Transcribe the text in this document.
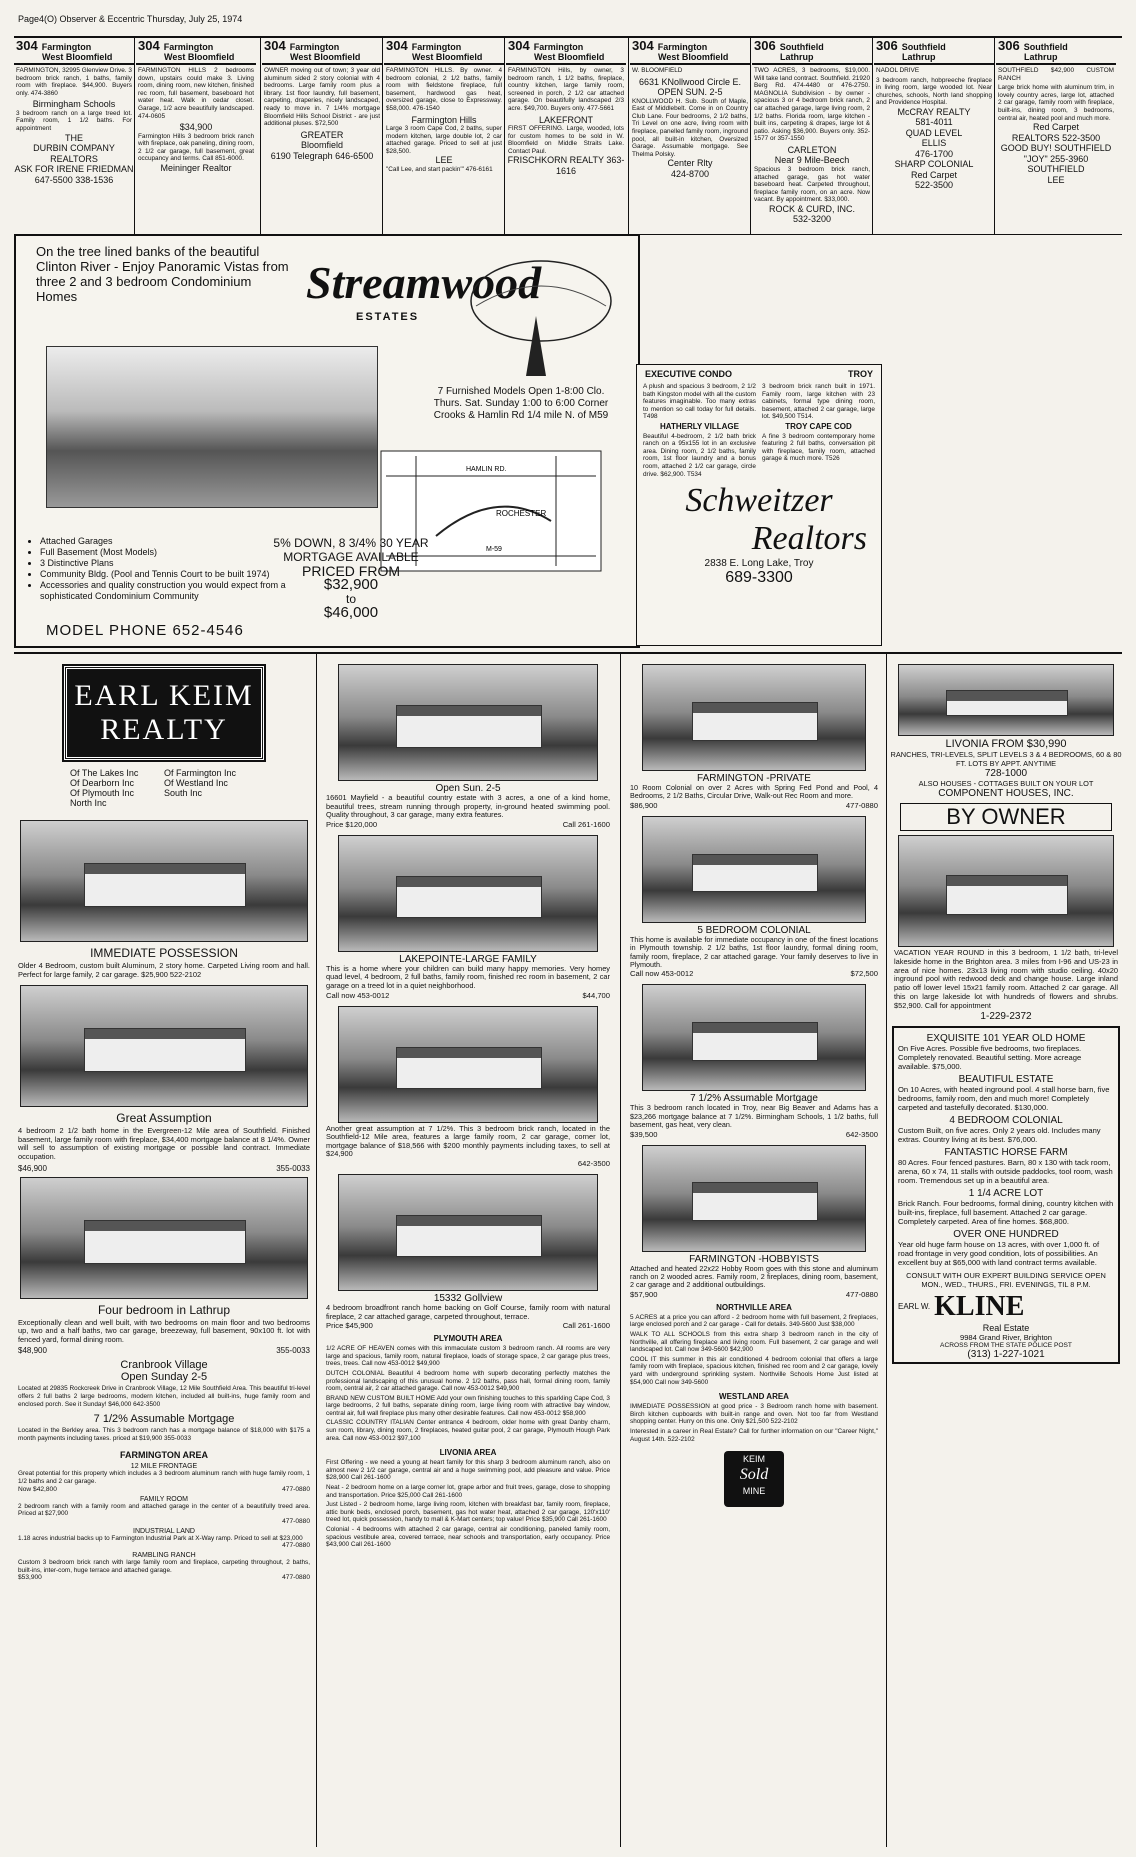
Page4(O) Observer & Eccentric Thursday, July 25, 1974
304 Farmington
West Bloomfield
FARMINGTON, 32995 Glenview Drive. 3 bedroom brick ranch, 1 baths, family room with fireplace. $44,900. Buyers only. 474-3860
Birmingham Schools
3 bedroom ranch on a large treed lot. Family room, 1 1/2 baths. For appointment
THE
DURBIN COMPANY
REALTORS
ASK FOR IRENE FRIEDMAN
647-5500 338-1536
304 Farmington
West Bloomfield
FARMINGTON HILLS 2 bedrooms down, upstairs could make 3. Living room, dining room, new kitchen, finished rec room, full basement, baseboard hot water heat. Walk in cedar closet. Garage, 1/2 acre beautifully landscaped. 474-0605
$34,900
Farmington Hills 3 bedroom brick ranch with fireplace, oak paneling, dining room, 2 1/2 car garage, full basement, great occupancy and terms. Call 851-6000.
Meininger Realtor
304 Farmington
West Bloomfield
OWNER moving out of town; 3 year old aluminum sided 2 story colonial with 4 bedrooms. Large family room plus a library. 1st floor laundry, full basement, carpeting, draperies, nicely landscaped, ready to move in. 7 1/4% mortgage Bloomfield Hills School District - are just additional pluses. $72,500
GREATER
Bloomfield
6190 Telegraph 646-6500
304 Farmington
West Bloomfield
FARMINGTON HILLS. By owner. 4 bedroom colonial, 2 1/2 baths, family room with fieldstone fireplace, full basement, hardwood gas heat, oversized garage, close to Expressway. $58,000. 476-1540
Farmington Hills
Large 3 room Cape Cod, 2 baths, super modern kitchen, large double lot, 2 car attached garage. Priced to sell at just $28,500.
LEE
"Call Lee, and start packin'" 476-6161
304 Farmington
West Bloomfield
FARMINGTON Hills, by owner, 3 bedroom ranch, 1 1/2 baths, fireplace, country kitchen, large family room, screened in porch, 2 1/2 car attached garage. On beautifully landscaped 2/3 acre. $49,700. Buyers only. 477-5661
LAKEFRONT
FIRST OFFERING. Large, wooded, lots for custom homes to be sold in W. Bloomfield on Middle Straits Lake. Contact Paul.
FRISCHKORN REALTY 363-1616
304 Farmington
West Bloomfield
W. BLOOMFIELD
6631 KNollwood Circle E. OPEN SUN. 2-5
KNOLLWOOD H. Sub. South of Maple, East of Middlebelt. Come in on Country Club Lane. Four bedrooms, 2 1/2 baths, Tri Level on one acre, living room with fireplace, panelled family room, inground pool, all built-in kitchen, Oversized Garage. Assumable mortgage. See Thelma Polsky.
Center Rlty
424-8700
306 Southfield
Lathrup
TWO ACRES, 3 bedrooms, $19,000. Will take land contract. Southfield. 21920 Berg Rd. 474-4480 or 476-2750. MAGNOLIA Subdivision - by owner - spacious 3 or 4 bedroom brick ranch, 2 car attached garage, large living room, 2 1/2 baths. Florida room, large kitchen - built ins, carpeting & drapes, large lot & patio. Asking $36,900. Buyers only. 352-1577 or 357-1550
CARLETON
Near 9 Mile-Beech
Spacious 3 bedroom brick ranch, attached garage, gas hot water baseboard heat. Carpeted throughout, fireplace family room, on an acre. Now vacant. By appointment. $33,000.
ROCK & CURD, INC.
532-3200
306 Southfield
Lathrup
NADOL DRIVE
3 bedroom ranch, hobpreeche fireplace in living room, large wooded lot. Near churches, schools, North land shopping and Providence Hospital.
McCRAY REALTY
581-4011
QUAD LEVEL
ELLIS
476-1700
SHARP COLONIAL
Red Carpet
522-3500
306 Southfield
Lathrup
SOUTHFIELD $42,900 CUSTOM RANCH
Large brick home with aluminum trim, in lovely country acres, large lot, attached 2 car garage, family room with fireplace, built-ins, dining room, 3 bedrooms, central air, heated pool and much more.
Red Carpet
REALTORS 522-3500
GOOD BUY! SOUTHFIELD
"JOY" 255-3960
SOUTHFIELD
LEE
On the tree lined banks of the beautiful Clinton River - Enjoy Panoramic Vistas from three 2 and 3 bedroom Condominium Homes	Streamwood
ESTATES
7 Furnished Models Open 1-8:00 Clo. Thurs. Sat. Sunday 1:00 to 6:00 Corner Crooks & Hamlin Rd 1/4 mile N. of M59
HAMLIN RD.
ROCHESTER
M-59
• Attached Garages
• Full Basement (Most Models)
• 3 Distinctive Plans
• Community Bldg. (Pool and Tennis Court to be built 1974)
• Accessories and quality construction you would expect from a sophisticated Condominium Community
5% DOWN, 8 3/4% 30 YEAR MORTGAGE AVAILABLE
PRICED FROM
$32,900
to
$46,000
MODEL PHONE 652-4546
EXECUTIVE CONDO	TROY
A plush and spacious 3 bedroom, 2 1/2 bath Kingston model with all the custom features imaginable. Too many extras to mention so call today for full details. T498
HATHERLY VILLAGE
Beautiful 4-bedroom, 2 1/2 bath brick ranch on a 95x155 lot in an exclusive area. Dining room, 2 1/2 baths, family room, 1st floor laundry and a bonus room, attached 2 1/2 car garage, circle drive. $62,900. T534
3 bedroom brick ranch built in 1971. Family room, large kitchen with 23 cabinets, formal type dining room, basement, attached 2 car garage, large lot. $49,500 T514.
TROY CAPE COD
A fine 3 bedroom contemporary home featuring 2 full baths, conversation pit with fireplace, family room, attached garage & much more. T526
Schweitzer
Realtors
2838 E. Long Lake, Troy
689-3300
EARL KEIM
REALTY
Of The Lakes Inc	Of Farmington Inc
Of Dearborn Inc	Of Westland Inc
Of Plymouth Inc	South Inc
North Inc
IMMEDIATE POSSESSION
Older 4 Bedroom, custom built Aluminum, 2 story home. Carpeted Living room and hall. Perfect for large family, 2 car garage. $25,900 522-2102
Great Assumption
4 bedroom 2 1/2 bath home in the Evergreen-12 Mile area of Southfield. Finished basement, large family room with fireplace, $34,400 mortgage balance at 8 1/4%. Owner will sell to assumption of existing mortgage or possible land contract. Immediate occupation.
$46,900	355-0033
Four bedroom in Lathrup
Exceptionally clean and well built, with two bedrooms on main floor and two bedrooms up, two and a half baths, two car garage, breezeway, full basement, 90x100 ft. lot with fenced yard, formal dining room.
$48,900	355-0033
Cranbrook Village
Open Sunday 2-5
Located at 29835 Rockcreek Drive in Cranbrook Village, 12 Mile Southfield Area. This beautiful tri-level offers 2 full baths 2 large bedrooms, modern kitchen, included all built-ins, huge family room and enclosed porch. See it Sunday! $46,000 642-3500
7 1/2% Assumable Mortgage
Located in the Berkley area. This 3 bedroom ranch has a mortgage balance of $18,000 with $175 a month payments including taxes. priced at $19,900 355-0033
FARMINGTON AREA
12 MILE FRONTAGE
Great potential for this property which includes a 3 bedroom aluminum ranch with huge family room, 1 1/2 baths and 2 car garage.
Now $42,800	477-0880
FAMILY ROOM
2 bedroom ranch with a family room and attached garage in the center of a beautifully treed area. Priced at $27,900
477-0880
INDUSTRIAL LAND
1.18 acres industrial backs up to Farmington Industrial Park at X-Way ramp. Priced to sell at $23,000
477-0880
RAMBLING RANCH
Custom 3 bedroom brick ranch with large family room and fireplace, carpeting throughout, 2 baths, built-ins, inter-com, huge terrace and attached garage.
$53,900	477-0880
Open Sun. 2-5
16601 Mayfield - a beautiful country estate with 3 acres, a one of a kind home, beautiful trees, stream running through property, in-ground heated swimming pool. Quality throughout, 3 car garage, many extra features.
Price $120,000	Call 261-1600
LAKEPOINTE-LARGE FAMILY
This is a home where your children can build many happy memories. Very homey quad level, 4 bedroom, 2 full baths, family room, finished rec room in basement, 2 car garage on a treed lot in a quiet neighborhood.
Call now 453-0012	$44,700
Another great assumption at 7 1/2%. This 3 bedroom brick ranch, located in the Southfield-12 Mile area, features a large family room, 2 car garage, corner lot, mortgage balance of $18,566 with $200 monthly payments including taxes, to sell at $24,900
642-3500
15332 Gollview
4 bedroom broadfront ranch home backing on Golf Course, family room with natural fireplace, 2 car attached garage, carpeted throughout, terrace.
Price $45,900	Call 261-1600
PLYMOUTH AREA
1/2 ACRE OF HEAVEN comes with this immaculate custom 3 bedroom ranch. All rooms are very large and spacious, family room, natural fireplace, loads of storage space, 2 car garage plus trees, trees, trees. Call now 453-0012 $49,900
DUTCH COLONIAL Beautiful 4 bedroom home with superb decorating perfectly matches the professional landscaping of this unusual home. 2 1/2 baths, pass hall, formal dining room, family room, central air, 2 car attached garage. Call now 453-0012 $49,900
BRAND NEW CUSTOM BUILT HOME Add your own finishing touches to this sparkling Cape Cod, 3 large bedrooms, 2 full baths, separate dining room, large living room with attractive bay window, central air, full wall fireplace plus many other desirable features. Call now 453-0012 $58,900
CLASSIC COUNTRY ITALIAN Center entrance 4 bedroom, older home with great Danby charm, sun room, library, dining room, 2 fireplaces, heated guitar pool, 2 car garage, Plymouth Hough Park area. Call now 453-0012 $97,100
LIVONIA AREA
First Offering - we need a young at heart family for this sharp 3 bedroom aluminum ranch, also on almost new 2 1/2 car garage, central air and a huge swimming pool, add pleasure and value. Price $28,900 Call 261-1600
Neat - 2 bedroom home on a large corner lot, grape arbor and fruit trees, garage, close to shopping and transportation. Price $25,000 Call 261-1600
Just Listed - 2 bedroom home, large living room, kitchen with breakfast bar, family room, fireplace, attic bunk beds, enclosed porch, basement, gas hot water heat, attached 2 car garage, 120'x110' treed lot, quick possession, handy to mall & K-Mart centers; top value! Price $35,900 Call 261-1600
Colonial - 4 bedrooms with attached 2 car garage, central air conditioning, paneled family room, spacious vestibule area, covered terrace, near schools and transportation, early occupancy. Price $43,900 Call 261-1600
FARMINGTON -PRIVATE
10 Room Colonial on over 2 Acres with Spring Fed Pond and Pool, 4 Bedrooms, 2 1/2 Baths, Circular Drive, Walk-out Rec Room and more.
$86,900	477-0880
5 BEDROOM COLONIAL
This home is available for immediate occupancy in one of the finest locations in Plymouth township. 2 1/2 baths, 1st floor laundry, formal dining room, family room, fireplace, 2 car attached garage. Your family deserves to live in Plymouth.
Call now 453-0012	$72,500
7 1/2% Assumable Mortgage
This 3 bedroom ranch located in Troy, near Big Beaver and Adams has a $23,266 mortgage balance at 7 1/2%. Birmingham Schools, 1 1/2 baths, full basement, gas heat, very clean.
$39,500	642-3500
FARMINGTON -HOBBYISTS
Attached and heated 22x22 Hobby Room goes with this stone and aluminum ranch on 2 wooded acres. Family room, 2 fireplaces, dining room, basement, 2 car garage and 2 additional outbuildings.
$57,900	477-0880
NORTHVILLE AREA
5 ACRES at a price you can afford - 2 bedroom home with full basement, 2 fireplaces, large enclosed porch and 2 car garage - Call for details. 349-5600 Just $38,000
WALK TO ALL SCHOOLS from this extra sharp 3 bedroom ranch in the city of Northville, all offering fireplace and living room. Full basement, 2 car garage and well landscaped lot. Call now 349-5600 $42,900
COOL IT this summer in this air conditioned 4 bedroom colonial that offers a large family room with fireplace, spacious kitchen, finished rec room and 2 car garage, lovely yard with underground sprinkling system. Northville Schools Home Just listed at $54,900 Call now 349-5600
WESTLAND AREA
IMMEDIATE POSSESSION at good price - 3 Bedroom ranch home with basement. Birch kitchen cupboards with built-in range and oven. Not too far from Westland shopping center. Hurry on this one. Only $21,500 522-2102
Interested in a career in Real Estate? Call for further information on our "Career Night," August 14th. 522-2102
KEIM
Sold
MINE
LIVONIA FROM $30,990
RANCHES, TRI-LEVELS, SPLIT LEVELS 3 & 4 BEDROOMS, 60 & 80 FT. LOTS BY APPT. ANYTIME
728-1000
ALSO HOUSES - COTTAGES BUILT ON YOUR LOT
COMPONENT HOUSES, INC.
BY OWNER
VACATION YEAR ROUND in this 3 bedroom, 1 1/2 bath, tri-level lakeside home in the Brighton area. 3 miles from I-96 and US-23 in area of nice homes. 23x13 living room with studio ceiling. 40x20 inground pool with redwood deck and change house. Large inland patio off lower level 15x21 family room. Attached 2 car garage. All this on large lakeside lot with hundreds of flowers and shrubs. $52,900. Call for appointment
1-229-2372
EXQUISITE 101 YEAR OLD HOME
On Five Acres. Possible five bedrooms, two fireplaces. Completely renovated. Beautiful setting. More acreage available. $75,000.
BEAUTIFUL ESTATE
On 10 Acres, with heated inground pool. 4 stall horse barn, five bedrooms, family room, den and much more! Completely carpeted and tastefully decorated. $130,000.
4 BEDROOM COLONIAL
Custom Built, on five acres. Only 2 years old. Includes many extras. Country living at its best. $76,000.
FANTASTIC HORSE FARM
80 Acres. Four fenced pastures. Barn, 80 x 130 with tack room, arena, 60 x 74, 11 stalls with outside paddocks, tool room, wash room. Tremendous set up in a beautiful area.
1 1/4 ACRE LOT
Brick Ranch. Four bedrooms, formal dining, country kitchen with built-ins, fireplace, full basement. Attached 2 car garage. Completely carpeted. Area of fine homes. $68,800.
OVER ONE HUNDRED
Year old huge farm house on 13 acres, with over 1,000 ft. of road frontage in very good condition, lots of possibilities. An excellent buy at $65,000 with land contract terms available.
CONSULT WITH OUR EXPERT BUILDING SERVICE OPEN MON., WED., THURS., FRI. EVENINGS, TIL 8 P.M.
EARL W. KLINE
Real Estate
9984 Grand River, Brighton
ACROSS FROM THE STATE POLICE POST
(313) 1-227-1021
